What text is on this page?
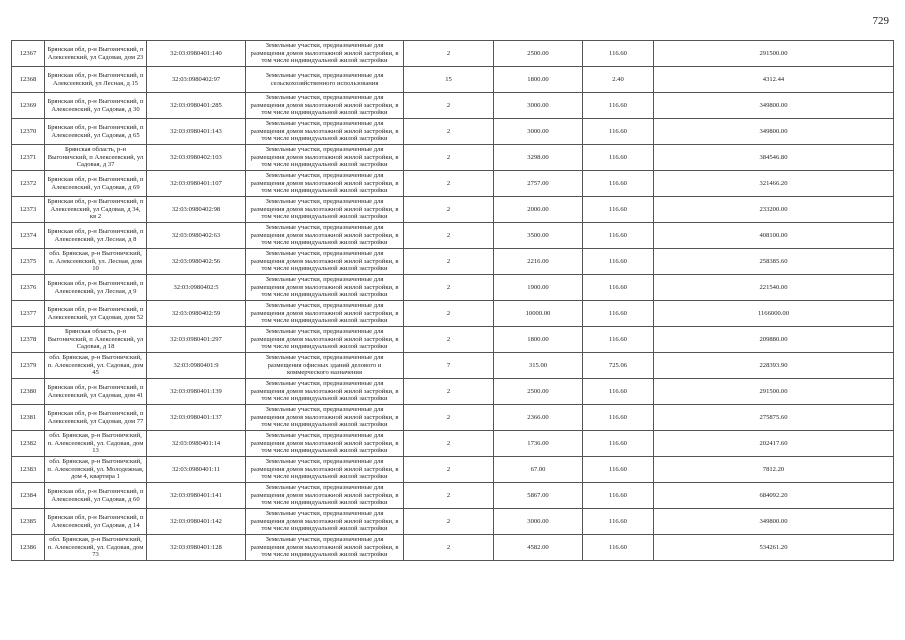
729
12367	Брянская обл, р-н Выгоничский, п Алексеевский, ул Садовая, дом 23	32:03:0980401:140	Земельные участки, предназначенные для размещения домов малоэтажной жилой застройки, в том числе индивидуальной жилой застройки	2	2500.00	116.60	291500.00
12368	Брянская обл, р-н Выгоничский, п Алексеевский, ул Лесная, д 15	32:03:0980402:97	Земельные участки, предназначенные для сельскохозяйственного использования	15	1800.00	2.40	4312.44
12369	Брянская обл, р-н Выгоничский, п Алексеевский, ул Садовая, д 30	32:03:0980401:285	Земельные участки, предназначенные для размещения домов малоэтажной жилой застройки, в том числе индивидуальной жилой застройки	2	3000.00	116.60	349800.00
12370	Брянская обл, р-н Выгоничский, п Алексеевский, ул Садовая, д 65	32:03:0980401:143	Земельные участки, предназначенные для размещения домов малоэтажной жилой застройки, в том числе индивидуальной жилой застройки	2	3000.00	116.60	349800.00
12371	Брянская область, р-н Выгоничский, п Алексеевский, ул Садовая, д 37	32:03:0980402:103	Земельные участки, предназначенные для размещения домов малоэтажной жилой застройки, в том числе индивидуальной жилой застройки	2	3298.00	116.60	384546.80
12372	Брянская обл, р-н Выгоничский, п Алексеевский, ул Садовая, д 69	32:03:0980401:107	Земельные участки, предназначенные для размещения домов малоэтажной жилой застройки, в том числе индивидуальной жилой застройки	2	2757.00	116.60	321466.20
12373	Брянская обл, р-н Выгоничский, п Алексеевский, ул Садовая, д 34, кв 2	32:03:0980402:98	Земельные участки, предназначенные для размещения домов малоэтажной жилой застройки, в том числе индивидуальной жилой застройки	2	2000.00	116.60	233200.00
12374	Брянская обл, р-н Выгоничский, п Алексеевский, ул Лесная, д 8	32:03:0980402:63	Земельные участки, предназначенные для размещения домов малоэтажной жилой застройки, в том числе индивидуальной жилой застройки	2	3500.00	116.60	408100.00
12375	обл. Брянская, р-н Выгоничский, п. Алексеевский, ул. Лесная, дом 10	32:03:0980402:56	Земельные участки, предназначенные для размещения домов малоэтажной жилой застройки, в том числе индивидуальной жилой застройки	2	2216.00	116.60	258385.60
12376	Брянская обл, р-н Выгоничский, п Алексеевский, ул Лесная, д 9	32:03:0980402:5	Земельные участки, предназначенные для размещения домов малоэтажной жилой застройки, в том числе индивидуальной жилой застройки	2	1900.00	116.60	221540.00
12377	Брянская обл, р-н Выгоничский, п Алексеевский, ул Садовая, дом 52	32:03:0980402:59	Земельные участки, предназначенные для размещения домов малоэтажной жилой застройки, в том числе индивидуальной жилой застройки	2	10000.00	116.60	1166000.00
12378	Брянская область, р-н Выгоничский, п Алексеевский, ул Садовая, д 18	32:03:0980401:297	Земельные участки, предназначенные для размещения домов малоэтажной жилой застройки, в том числе индивидуальной жилой застройки	2	1800.00	116.60	209880.00
12379	обл. Брянская, р-н Выгоничский, п. Алексеевский, ул. Садовая, дом 45	32:03:0980401:9	Земельные участки, предназначенные для размещения офисных зданий делового и коммерческого назначения	7	315.00	725.06	228393.90
12380	Брянская обл, р-н Выгоничский, п Алексеевский, ул Садовая, дом 41	32:03:0980401:139	Земельные участки, предназначенные для размещения домов малоэтажной жилой застройки, в том числе индивидуальной жилой застройки	2	2500.00	116.60	291500.00
12381	Брянская обл, р-н Выгоничский, п Алексеевский, ул Садовая, дом 77	32:03:0980401:137	Земельные участки, предназначенные для размещения домов малоэтажной жилой застройки, в том числе индивидуальной жилой застройки	2	2366.00	116.60	275875.60
12382	обл. Брянская, р-н Выгоничский, п. Алексеевский, ул. Садовая, дом 13	32:03:0980401:14	Земельные участки, предназначенные для размещения домов малоэтажной жилой застройки, в том числе индивидуальной жилой застройки	2	1736.00	116.60	202417.60
12383	обл. Брянская, р-н Выгоничский, п. Алексеевский, ул. Молодежная, дом 4, квартира 1	32:03:0980401:11	Земельные участки, предназначенные для размещения домов малоэтажной жилой застройки, в том числе индивидуальной жилой застройки	2	67.00	116.60	7812.20
12384	Брянская обл, р-н Выгоничский, п Алексеевский, ул Садовая, д 60	32:03:0980401:141	Земельные участки, предназначенные для размещения домов малоэтажной жилой застройки, в том числе индивидуальной жилой застройки	2	5867.00	116.60	684092.20
12385	Брянская обл, р-н Выгоничский, п Алексеевский, ул Садовая, д 14	32:03:0980401:142	Земельные участки, предназначенные для размещения домов малоэтажной жилой застройки, в том числе индивидуальной жилой застройки	2	3000.00	116.60	349800.00
12386	обл. Брянская, р-н Выгоничский, п. Алексеевский, ул. Садовая, дом 73	32:03:0980401:128	Земельные участки, предназначенные для размещения домов малоэтажной жилой застройки, в том числе индивидуальной жилой застройки	2	4582.00	116.60	534261.20
